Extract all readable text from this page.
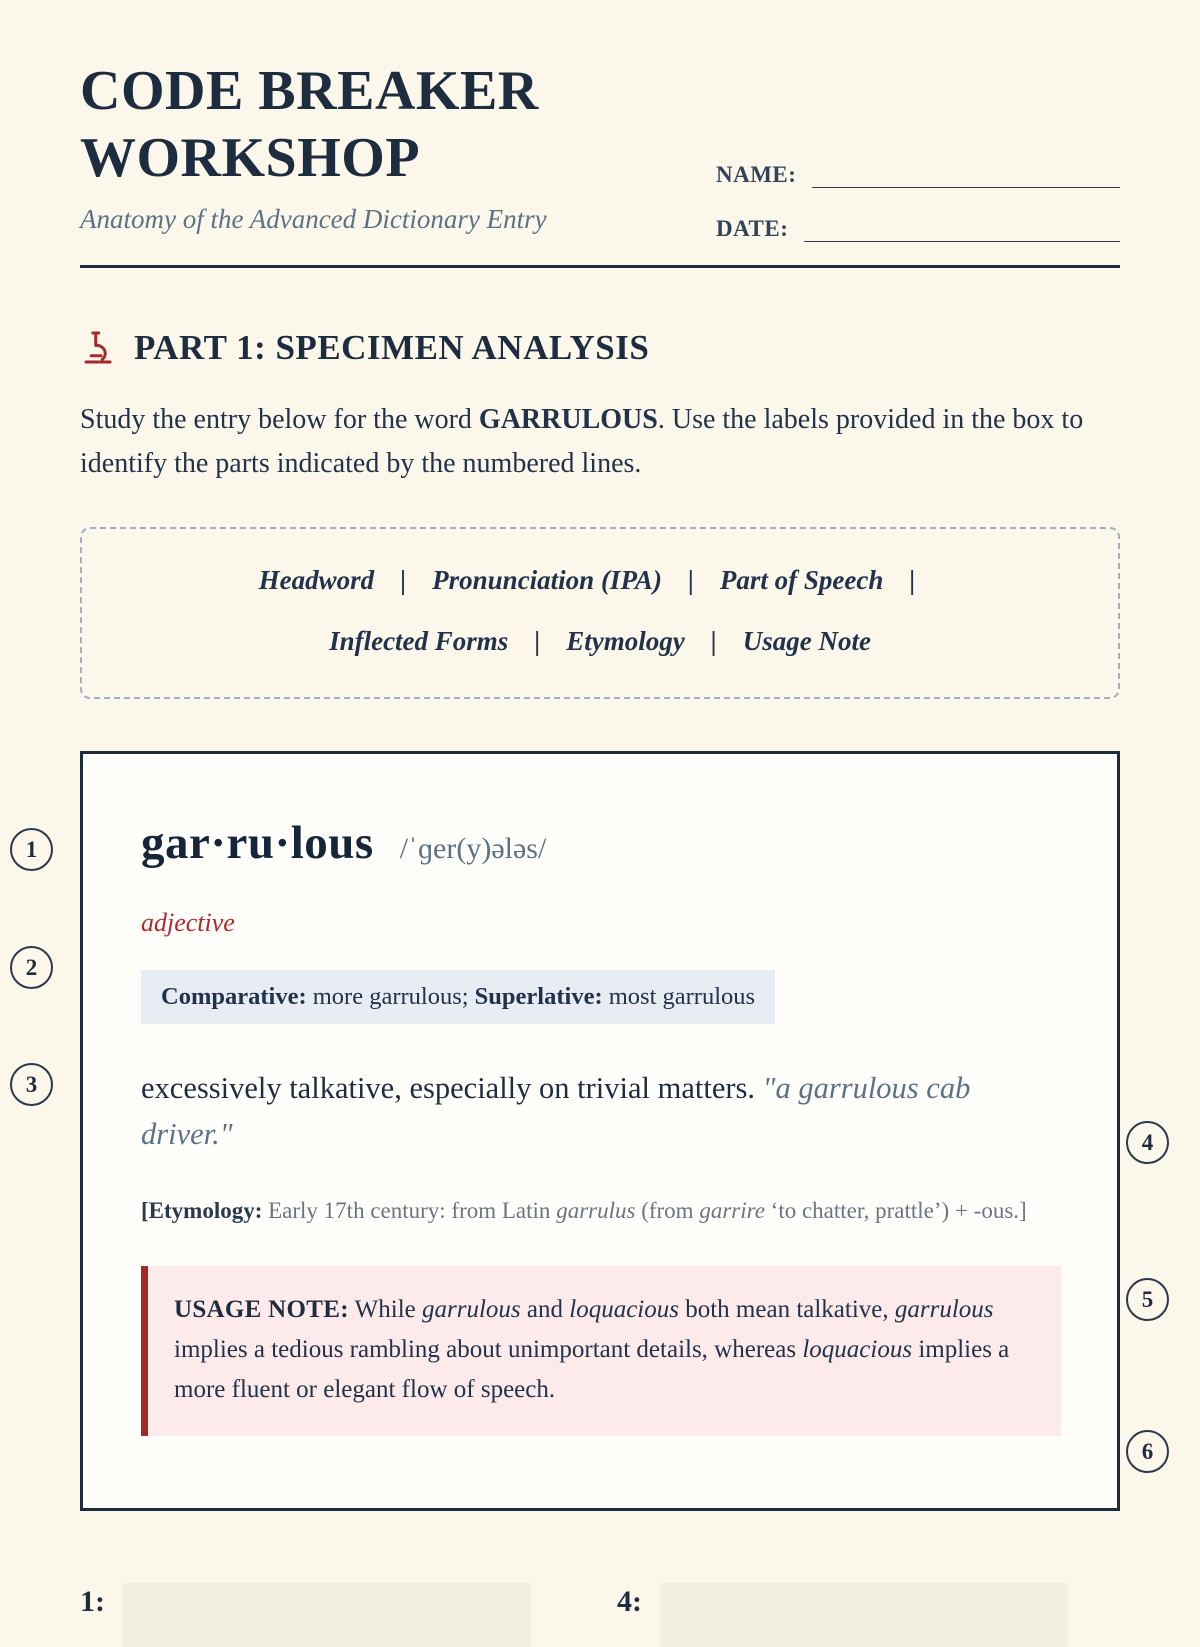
CODE BREAKER
WORKSHOP
Anatomy of the Advanced Dictionary Entry
NAME:
DATE:
PART 1: SPECIMEN ANALYSIS

Study the entry below for the word GARRULOUS. Use the labels provided in the box to identify the parts indicated by the numbered lines.

Headword | Pronunciation (IPA) | Part of Speech |
Inflected Forms | Etymology | Usage Note
gar·ru·lous /ˈɡer(y)ələs/
adjective
Comparative: more garrulous; Superlative: most garrulous
excessively talkative, especially on trivial matters. "a garrulous cab driver."
[Etymology: Early 17th century: from Latin garrulus (from garrire ‘to chatter, prattle’) + -ous.]
USAGE NOTE: While garrulous and loquacious both mean talkative, garrulous implies a tedious rambling about unimportant details, whereas loquacious implies a more fluent or elegant flow of speech.
1:	4:
1
2
3
4
5
6
